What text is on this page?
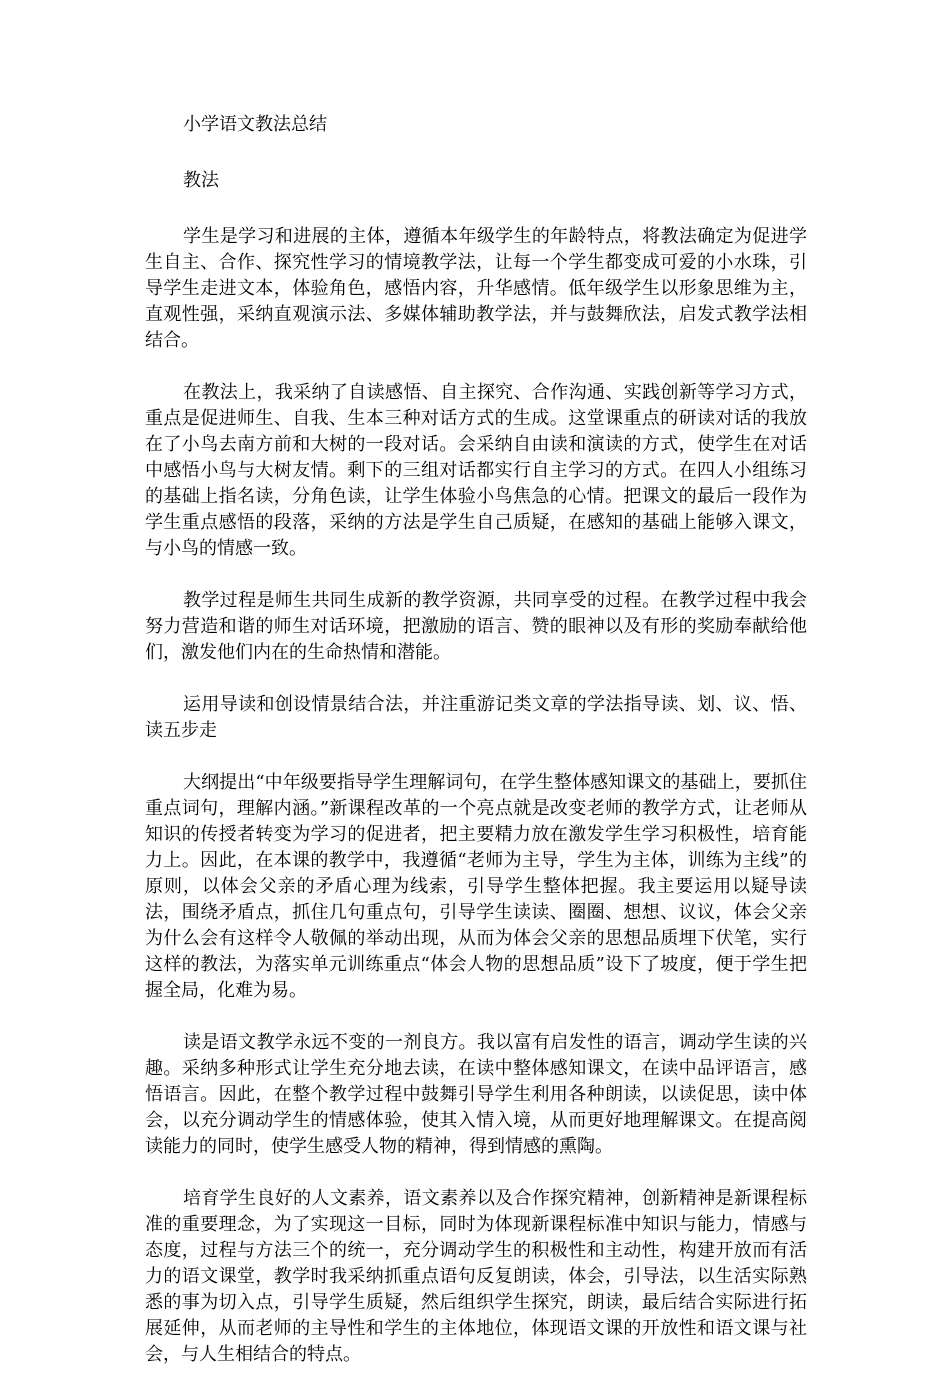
小学语文教法总结

教法

学生是学习和进展的主体，遵循本年级学生的年龄特点，将教法确定为促进学生自主、合作、探究性学习的情境教学法，让每一个学生都变成可爱的小水珠，引导学生走进文本，体验角色，感悟内容，升华感情。低年级学生以形象思维为主，直观性强，采纳直观演示法、多媒体辅助教学法，并与鼓舞欣法，启发式教学法相结合。

在教法上，我采纳了自读感悟、自主探究、合作沟通、实践创新等学习方式，重点是促进师生、自我、生本三种对话方式的生成。这堂课重点的研读对话的我放在了小鸟去南方前和大树的一段对话。会采纳自由读和演读的方式，使学生在对话中感悟小鸟与大树友情。剩下的三组对话都实行自主学习的方式。在四人小组练习的基础上指名读，分角色读，让学生体验小鸟焦急的心情。把课文的最后一段作为学生重点感悟的段落，采纳的方法是学生自己质疑，在感知的基础上能够入课文，与小鸟的情感一致。

教学过程是师生共同生成新的教学资源，共同享受的过程。在教学过程中我会努力营造和谐的师生对话环境，把激励的语言、赞的眼神以及有形的奖励奉献给他们，激发他们内在的生命热情和潜能。

运用导读和创设情景结合法，并注重游记类文章的学法指导读、划、议、悟、读五步走

大纲提出“中年级要指导学生理解词句，在学生整体感知课文的基础上，要抓住重点词句，理解内涵。”新课程改革的一个亮点就是改变老师的教学方式，让老师从知识的传授者转变为学习的促进者，把主要精力放在激发学生学习积极性，培育能力上。因此，在本课的教学中，我遵循“老师为主导，学生为主体，训练为主线”的原则，以体会父亲的矛盾心理为线索，引导学生整体把握。我主要运用以疑导读法，围绕矛盾点，抓住几句重点句，引导学生读读、圈圈、想想、议议，体会父亲为什么会有这样令人敬佩的举动出现，从而为体会父亲的思想品质埋下伏笔，实行这样的教法，为落实单元训练重点“体会人物的思想品质”设下了坡度，便于学生把握全局，化难为易。

读是语文教学永远不变的一剂良方。我以富有启发性的语言，调动学生读的兴趣。采纳多种形式让学生充分地去读，在读中整体感知课文，在读中品评语言，感悟语言。因此，在整个教学过程中鼓舞引导学生利用各种朗读，以读促思，读中体会，以充分调动学生的情感体验，使其入情入境，从而更好地理解课文。在提高阅读能力的同时，使学生感受人物的精神，得到情感的熏陶。

培育学生良好的人文素养，语文素养以及合作探究精神，创新精神是新课程标准的重要理念，为了实现这一目标，同时为体现新课程标准中知识与能力，情感与态度，过程与方法三个的统一，充分调动学生的积极性和主动性，构建开放而有活力的语文课堂，教学时我采纳抓重点语句反复朗读，体会，引导法，以生活实际熟悉的事为切入点，引导学生质疑，然后组织学生探究，朗读，最后结合实际进行拓展延伸，从而老师的主导性和学生的主体地位，体现语文课的开放性和语文课与社会，与人生相结合的特点。
